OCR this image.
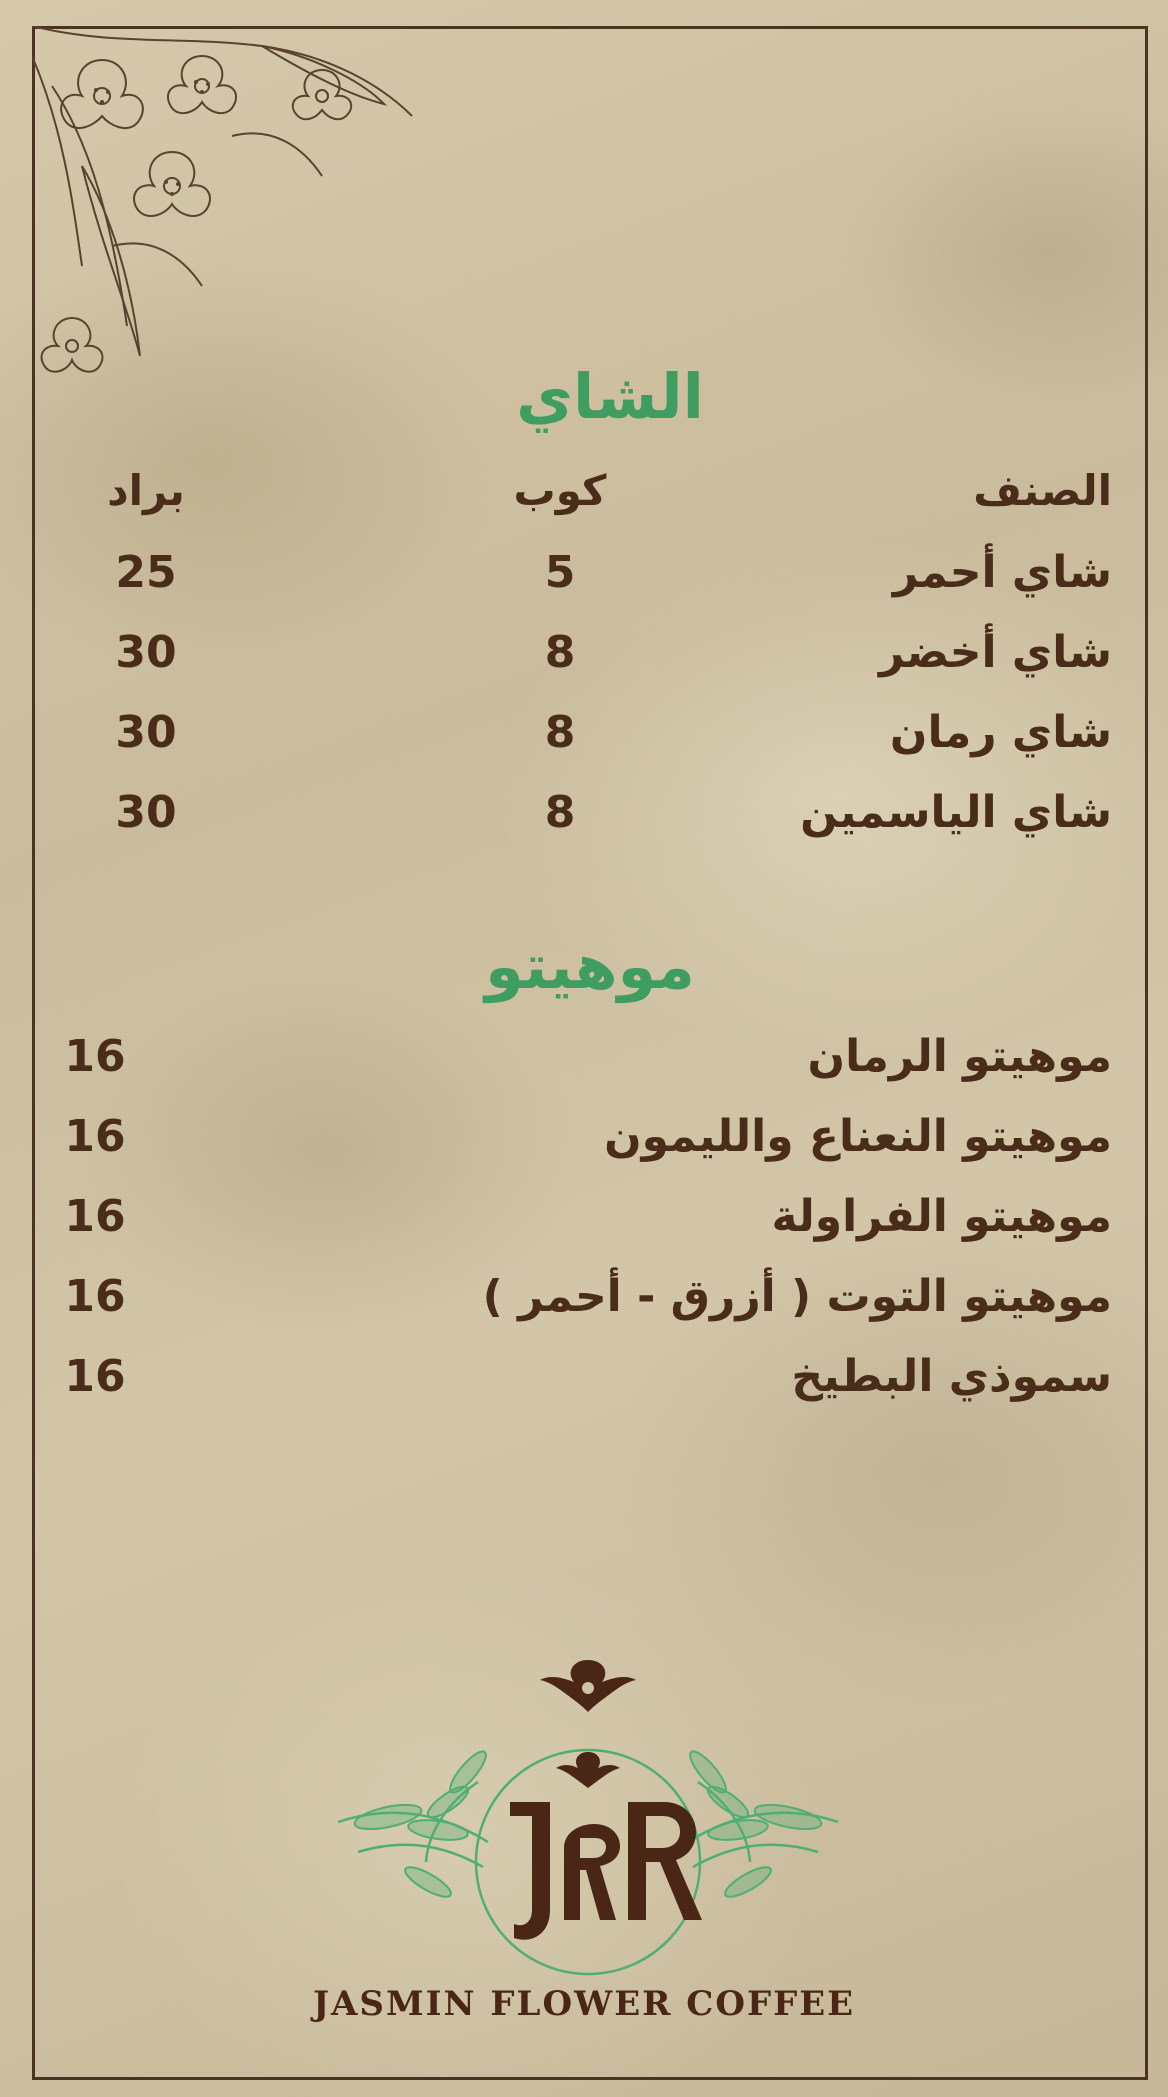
الشاي
الصنف
كوب
براد
شاي أحمر
5
25
شاي أخضر
8
30
شاي رمان
8
30
شاي الياسمين
8
30
موهيتو
موهيتو الرمان
16
موهيتو النعناع والليمون
16
موهيتو الفراولة
16
موهيتو التوت ( أزرق - أحمر )
16
سموذي البطيخ
16
JASMIN FLOWER COFFEE
